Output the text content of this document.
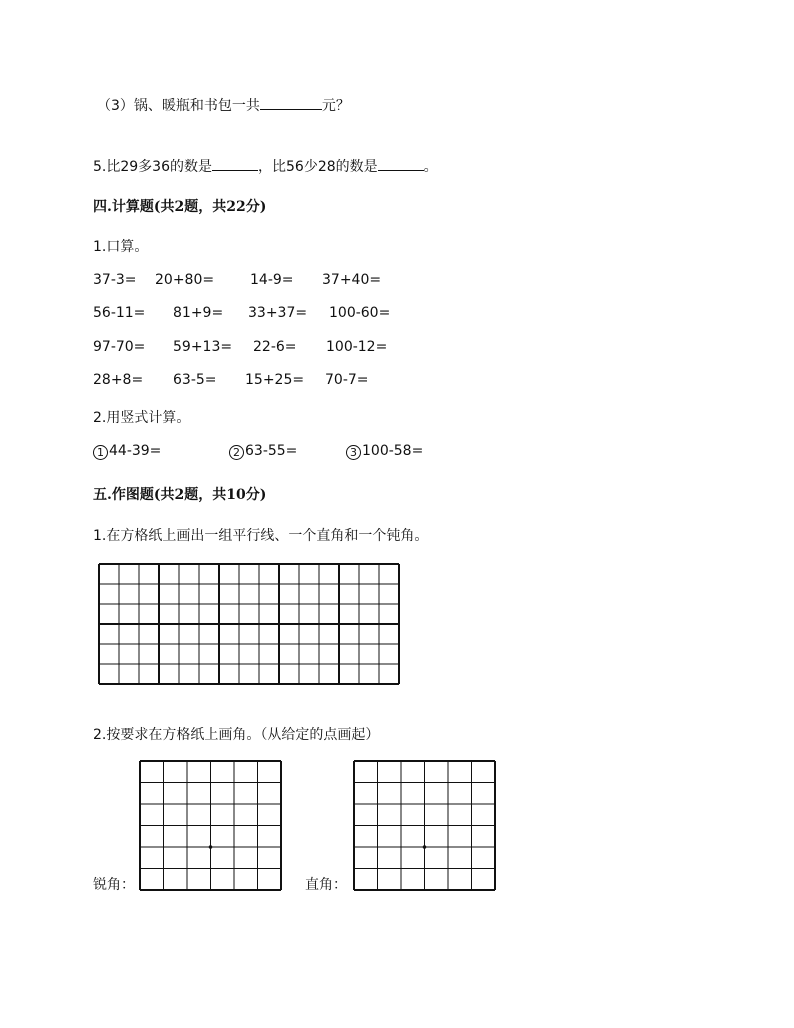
（3）锅、暖瓶和书包一共	元？
5.比29多36的数是	，比56少28的数是	。
四.计算题(共2题，共22分)
1.口算。
37-3= 20+80=	14-9= 37+40=
56-11= 81+9= 33+37= 100-60=
97-70= 59+13= 22-6= 100-12=
28+8= 63-5= 15+25= 70-7=
2.用竖式计算。
1 44-39=	2 63-55=	3 100-58=
五.作图题(共2题，共10分)
1.在方格纸上画出一组平行线、一个直角和一个钝角。
2.按要求在方格纸上画角。（从给定的点画起）
锐角：	直角：
